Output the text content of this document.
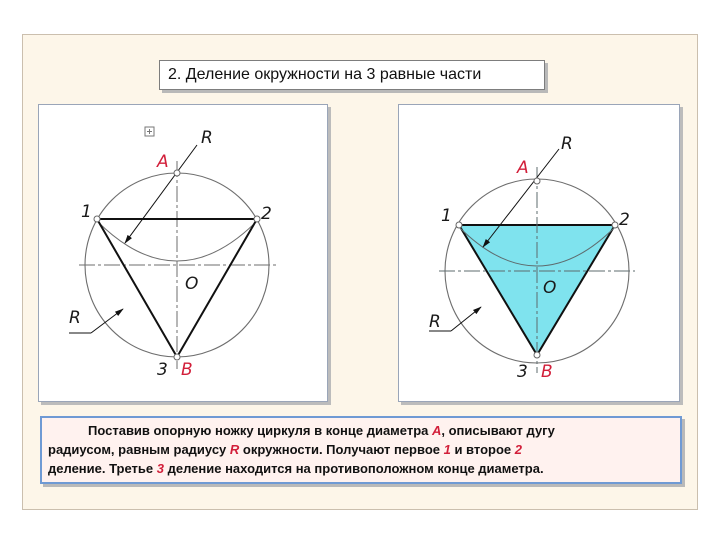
2. Деление окружности на 3 равные части
A
R
1	2
O
R
3 B
A
R
1	2
O
R
3 B

Поставив опорную ножку циркуля в конце диаметра А, описывают дугу

радиусом, равным радиусу R окружности. Получают первое 1 и второе 2

деление. Третье 3 деление находится на противоположном конце диаметра.
